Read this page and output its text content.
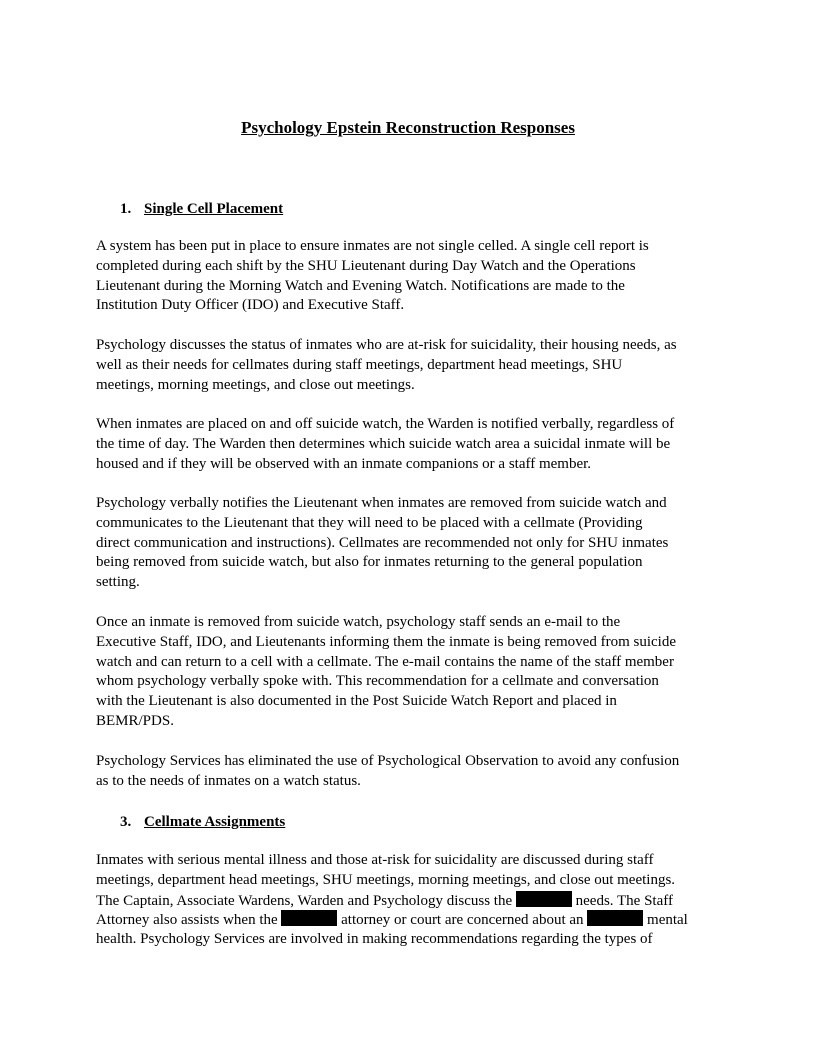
Psychology Epstein Reconstruction Responses
1. Single Cell Placement
A system has been put in place to ensure inmates are not single celled. A single cell report is
completed during each shift by the SHU Lieutenant during Day Watch and the Operations
Lieutenant during the Morning Watch and Evening Watch. Notifications are made to the
Institution Duty Officer (IDO) and Executive Staff.
Psychology discusses the status of inmates who are at-risk for suicidality, their housing needs, as
well as their needs for cellmates during staff meetings, department head meetings, SHU
meetings, morning meetings, and close out meetings.
When inmates are placed on and off suicide watch, the Warden is notified verbally, regardless of
the time of day. The Warden then determines which suicide watch area a suicidal inmate will be
housed and if they will be observed with an inmate companions or a staff member.
Psychology verbally notifies the Lieutenant when inmates are removed from suicide watch and
communicates to the Lieutenant that they will need to be placed with a cellmate (Providing
direct communication and instructions). Cellmates are recommended not only for SHU inmates
being removed from suicide watch, but also for inmates returning to the general population
setting.
Once an inmate is removed from suicide watch, psychology staff sends an e-mail to the
Executive Staff, IDO, and Lieutenants informing them the inmate is being removed from suicide
watch and can return to a cell with a cellmate. The e-mail contains the name of the staff member
whom psychology verbally spoke with. This recommendation for a cellmate and conversation
with the Lieutenant is also documented in the Post Suicide Watch Report and placed in
BEMR/PDS.
Psychology Services has eliminated the use of Psychological Observation to avoid any confusion
as to the needs of inmates on a watch status.
3. Cellmate Assignments
Inmates with serious mental illness and those at-risk for suicidality are discussed during staff
meetings, department head meetings, SHU meetings, morning meetings, and close out meetings.
The Captain, Associate Wardens, Warden and Psychology discuss the	needs. The Staff
Attorney also assists when the	attorney or court are concerned about an	mental
health. Psychology Services are involved in making recommendations regarding the types of
